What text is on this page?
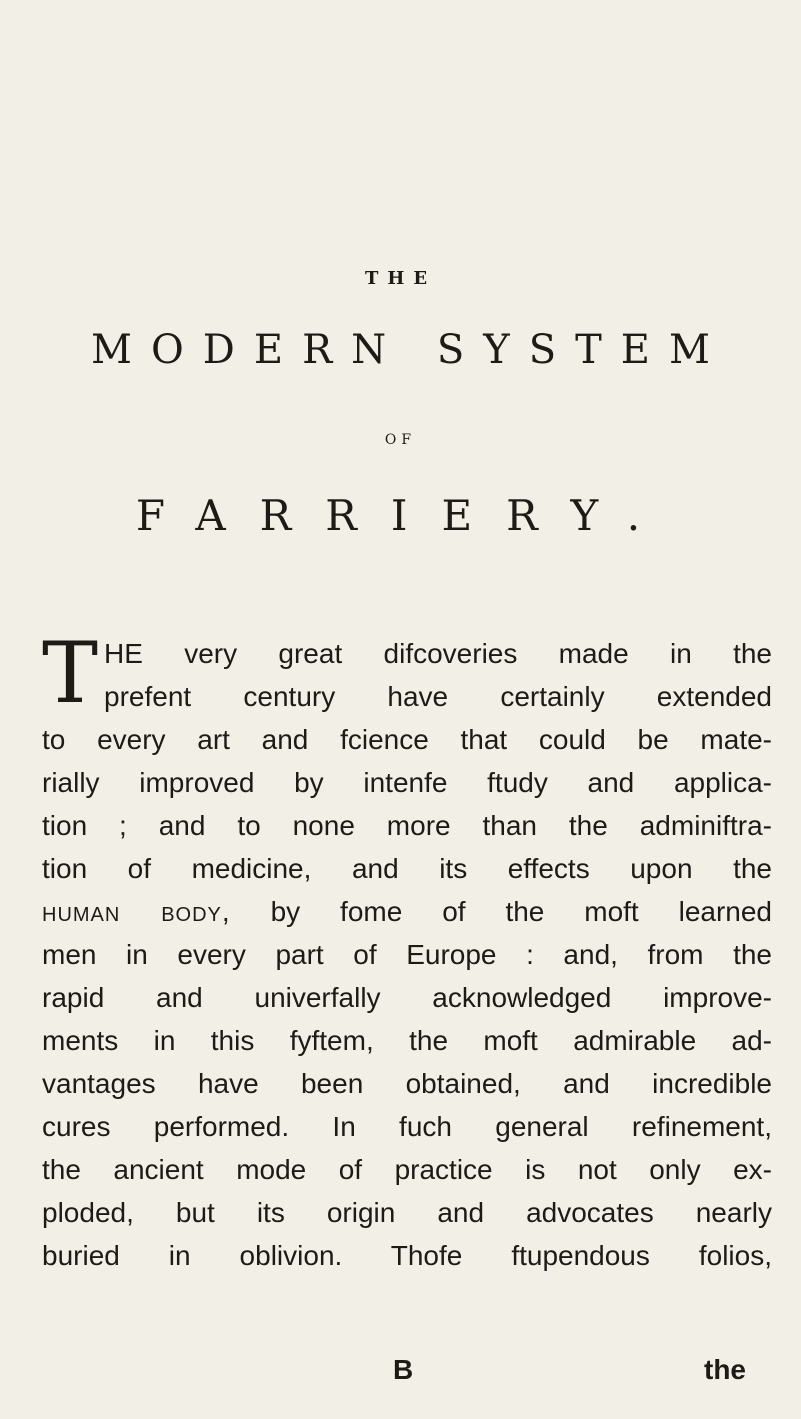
THE
MODERN SYSTEM
OF
FARRIERY.
T HE very great difcoveries made in the
prefent century have certainly extended
to every art and fcience that could be mate-
rially improved by intenfe ftudy and applica-
tion ; and to none more than the adminiftra-
tion of medicine, and its effects upon the
human body, by fome of the moft learned
men in every part of Europe : and, from the
rapid and univerfally acknowledged improve-
ments in this fyftem, the moft admirable ad-
vantages have been obtained, and incredible
cures performed. In fuch general refinement,
the ancient mode of practice is not only ex-
ploded, but its origin and advocates nearly
buried in oblivion. Thofe ftupendous folios,
B	the
